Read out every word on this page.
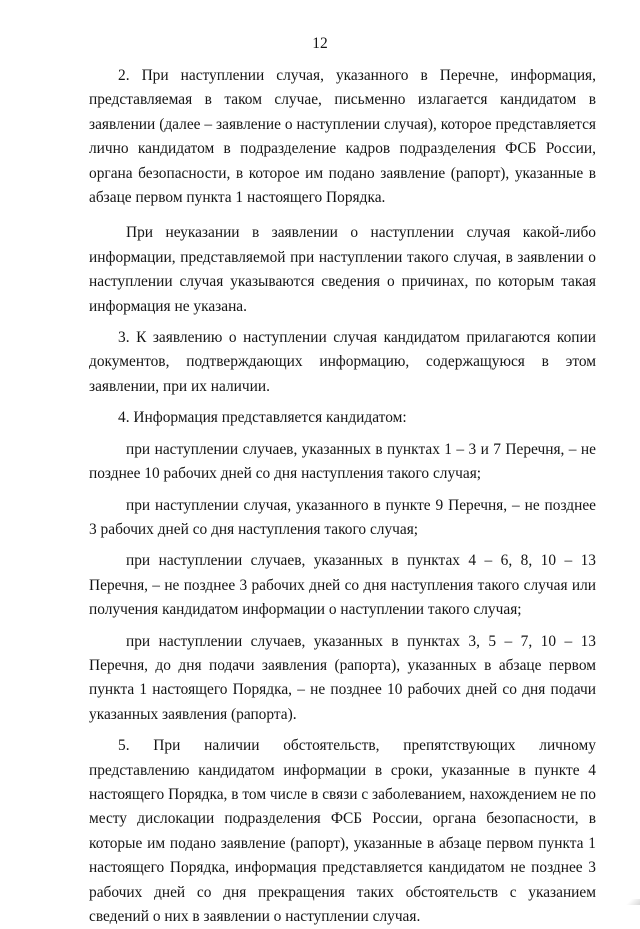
12

2. При наступлении случая, указанного в Перечне, информация, представляемая в таком случае, письменно излагается кандидатом в заявлении (далее – заявление о наступлении случая), которое представляется лично кандидатом в подразделение кадров подразделения ФСБ России, органа безопасности, в которое им подано заявление (рапорт), указанные в абзаце первом пункта 1 настоящего Порядка.

При неуказании в заявлении о наступлении случая какой-либо информации, представляемой при наступлении такого случая, в заявлении о наступлении случая указываются сведения о причинах, по которым такая информация не указана.

3. К заявлению о наступлении случая кандидатом прилагаются копии документов, подтверждающих информацию, содержащуюся в этом заявлении, при их наличии.

4. Информация представляется кандидатом:

при наступлении случаев, указанных в пунктах 1 – 3 и 7 Перечня, – не позднее 10 рабочих дней со дня наступления такого случая;

при наступлении случая, указанного в пункте 9 Перечня, – не позднее 3 рабочих дней со дня наступления такого случая;

при наступлении случаев, указанных в пунктах 4 – 6, 8, 10 – 13 Перечня, – не позднее 3 рабочих дней со дня наступления такого случая или получения кандидатом информации о наступлении такого случая;

при наступлении случаев, указанных в пунктах 3, 5 – 7, 10 – 13 Перечня, до дня подачи заявления (рапорта), указанных в абзаце первом пункта 1 настоящего Порядка, – не позднее 10 рабочих дней со дня подачи указанных заявления (рапорта).

5. При наличии обстоятельств, препятствующих личному представлению кандидатом информации в сроки, указанные в пункте 4 настоящего Порядка, в том числе в связи с заболеванием, нахождением не по месту дислокации подразделения ФСБ России, органа безопасности, в которые им подано заявление (рапорт), указанные в абзаце первом пункта 1 настоящего Порядка, информация представляется кандидатом не позднее 3 рабочих дней со дня прекращения таких обстоятельств с указанием сведений о них в заявлении о наступлении случая.
